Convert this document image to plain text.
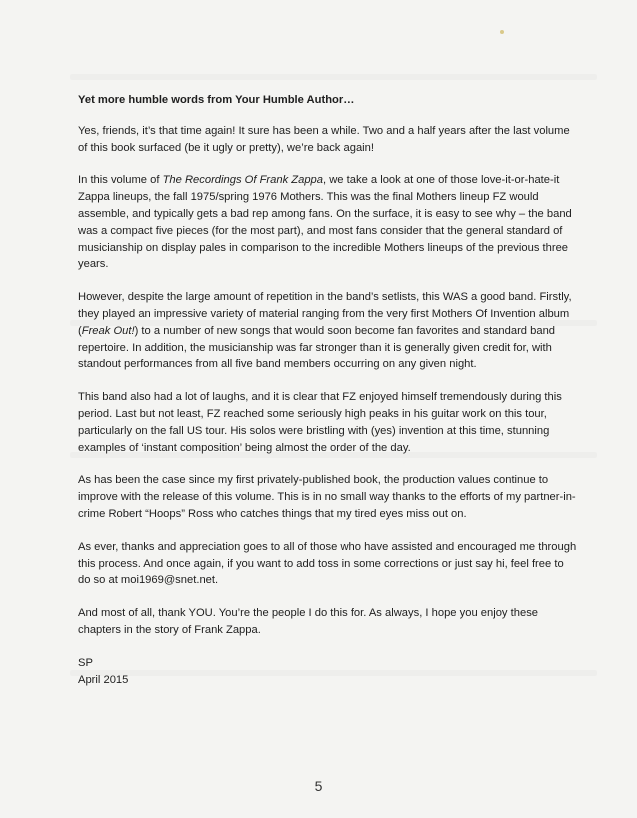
Yet more humble words from Your Humble Author…

Yes, friends, it’s that time again! It sure has been a while. Two and a half years after the last volume of this book surfaced (be it ugly or pretty), we’re back again!

In this volume of The Recordings Of Frank Zappa, we take a look at one of those love-it-or-hate-it Zappa lineups, the fall 1975/spring 1976 Mothers. This was the final Mothers lineup FZ would assemble, and typically gets a bad rep among fans. On the surface, it is easy to see why – the band was a compact five pieces (for the most part), and most fans consider that the general standard of musicianship on display pales in comparison to the incredible Mothers lineups of the previous three years.

However, despite the large amount of repetition in the band’s setlists, this WAS a good band. Firstly, they played an impressive variety of material ranging from the very first Mothers Of Invention album (Freak Out!) to a number of new songs that would soon become fan favorites and standard band repertoire. In addition, the musicianship was far stronger than it is generally given credit for, with standout performances from all five band members occurring on any given night.

This band also had a lot of laughs, and it is clear that FZ enjoyed himself tremendously during this period. Last but not least, FZ reached some seriously high peaks in his guitar work on this tour, particularly on the fall US tour. His solos were bristling with (yes) invention at this time, stunning examples of ‘instant composition’ being almost the order of the day.

As has been the case since my first privately-published book, the production values continue to improve with the release of this volume. This is in no small way thanks to the efforts of my partner-in-crime Robert “Hoops” Ross who catches things that my tired eyes miss out on.

As ever, thanks and appreciation goes to all of those who have assisted and encouraged me through this process. And once again, if you want to add toss in some corrections or just say hi, feel free to do so at moi1969@snet.net.

And most of all, thank YOU. You’re the people I do this for. As always, I hope you enjoy these chapters in the story of Frank Zappa.

SP

April 2015

5
